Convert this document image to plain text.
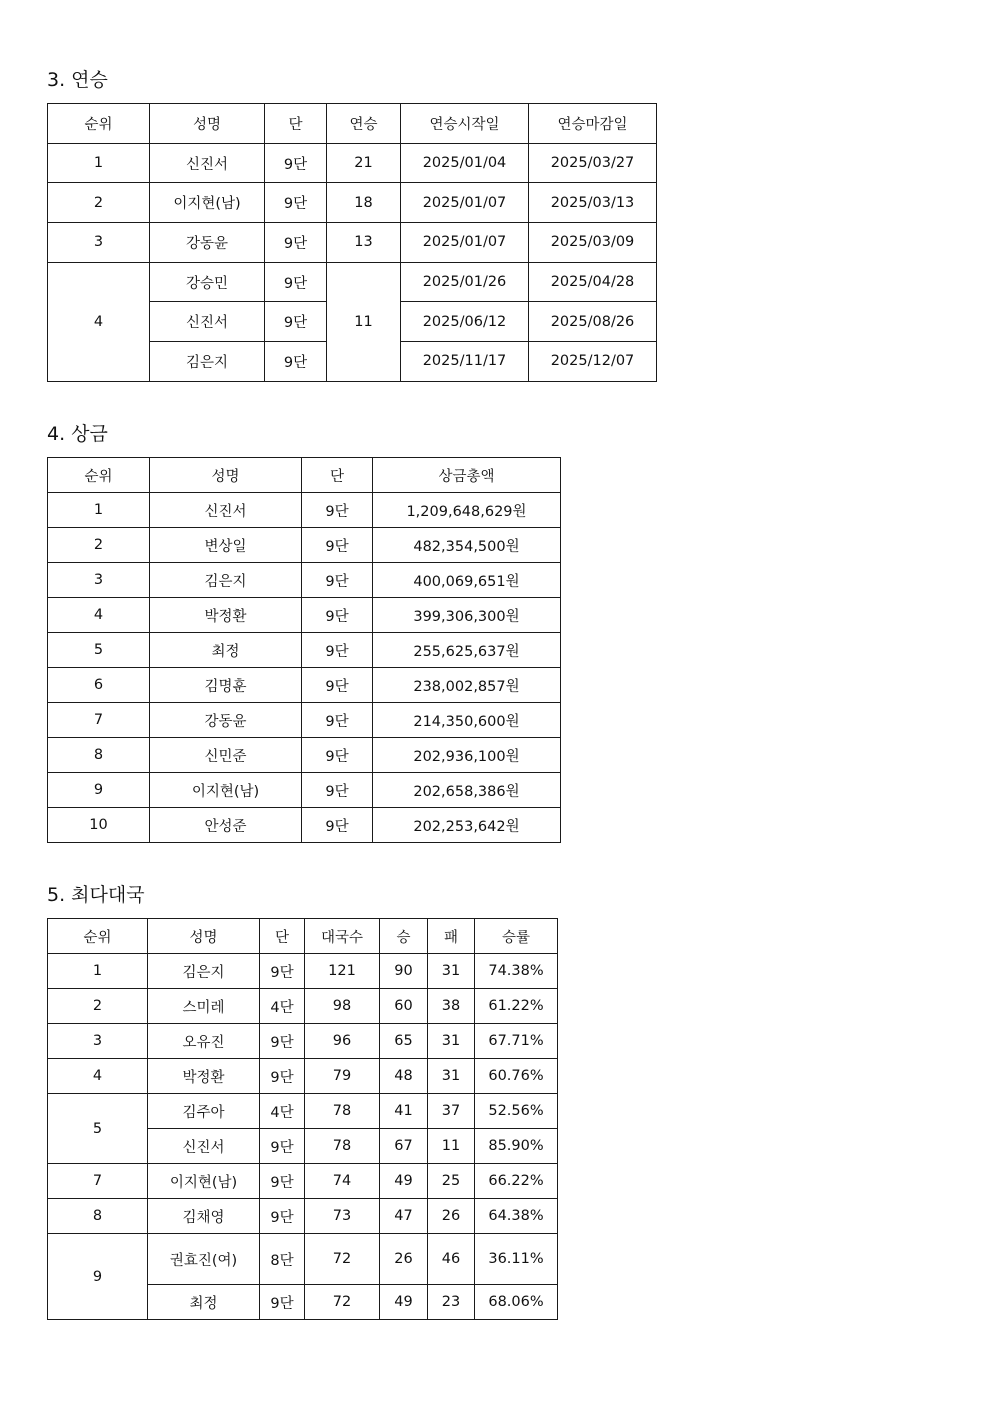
3. 연승
순위	성명	단	연승	연승시작일	연승마감일
1	신진서	9단	21	2025/01/04	2025/03/27
2	이지현(남)	9단	18	2025/01/07	2025/03/13
3	강동윤	9단	13	2025/01/07	2025/03/09
4	강승민	9단	11	2025/01/26	2025/04/28
	신진서	9단		2025/06/12	2025/08/26
	김은지	9단		2025/11/17	2025/12/07
4. 상금
순위	성명	단	상금총액
1	신진서	9단	1,209,648,629원
2	변상일	9단	482,354,500원
3	김은지	9단	400,069,651원
4	박정환	9단	399,306,300원
5	최정	9단	255,625,637원
6	김명훈	9단	238,002,857원
7	강동윤	9단	214,350,600원
8	신민준	9단	202,936,100원
9	이지현(남)	9단	202,658,386원
10	안성준	9단	202,253,642원
5. 최다대국
순위	성명	단	대국수	승	패	승률
1	김은지	9단	121	90	31	74.38%
2	스미레	4단	98	60	38	61.22%
3	오유진	9단	96	65	31	67.71%
4	박정환	9단	79	48	31	60.76%
5	김주아	4단	78	41	37	52.56%
	신진서	9단	78	67	11	85.90%
7	이지현(남)	9단	74	49	25	66.22%
8	김채영	9단	73	47	26	64.38%
9	권효진(여)	8단	72	26	46	36.11%
	최정	9단	72	49	23	68.06%
